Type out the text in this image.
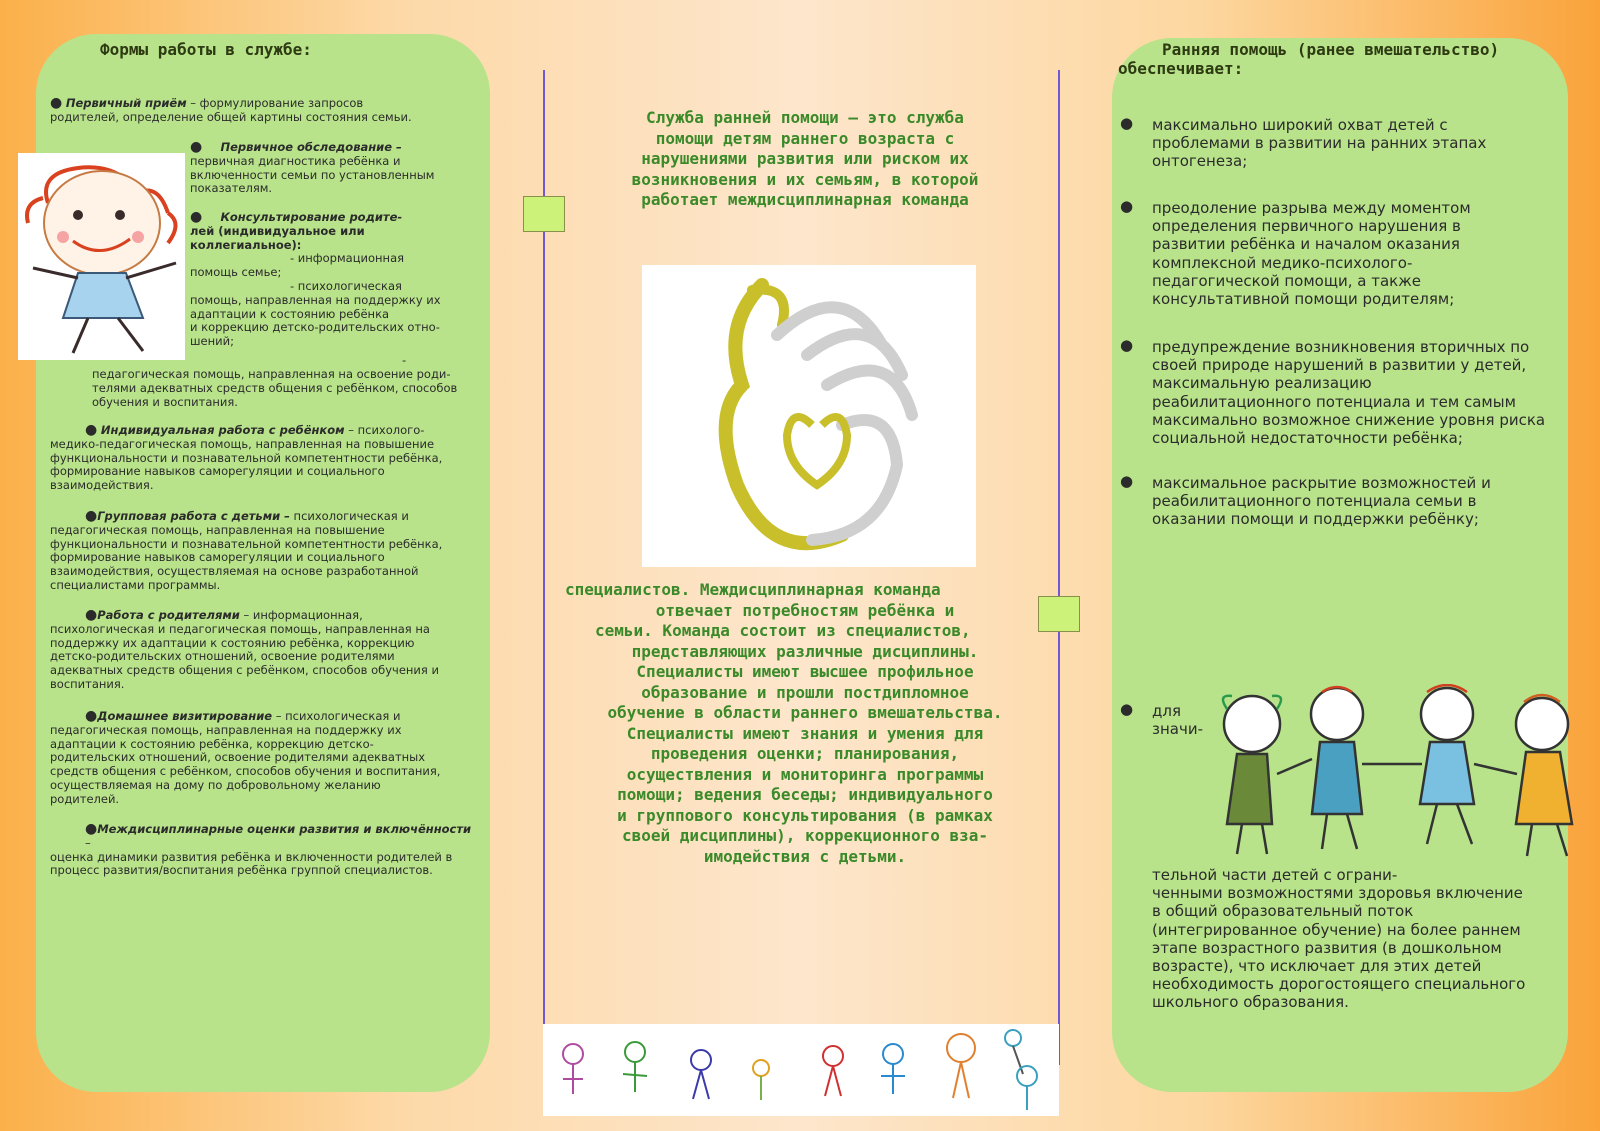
Формы работы в службе:
● Первичный приём – формулирование запросов
родителей, определение общей картины состояния семьи.
● Первичное обследование –
первичная диагностика ребёнка и
включенности семьи по установленным
показателям.
● Консультирование родите-
лей (индивидуальное или
коллегиальное):
- информационная
помощь семье;
- психологическая
помощь, направленная на поддержку их
адаптации к состоянию ребёнка
и коррекцию детско-родительских отно-
шений;
-
педагогическая помощь, направленная на освоение роди-
телями адекватных средств общения с ребёнком, способов
обучения и воспитания.
● Индивидуальная работа с ребёнком – психолого-
медико-педагогическая помощь, направленная на повышение
функциональности и познавательной компетентности ребёнка,
формирование навыков саморегуляции и социального
взаимодействия.
●Групповая работа с детьми – психологическая и
педагогическая помощь, направленная на повышение
функциональности и познавательной компетентности ребёнка,
формирование навыков саморегуляции и социального
взаимодействия, осуществляемая на основе разработанной
специалистами программы.
●Работа с родителями – информационная,
психологическая и педагогическая помощь, направленная на
поддержку их адаптации к состоянию ребёнка, коррекцию
детско-родительских отношений, освоение родителями
адекватных средств общения с ребёнком, способов обучения и
воспитания.
●Домашнее визитирование – психологическая и
педагогическая помощь, направленная на поддержку их
адаптации к состоянию ребёнка, коррекцию детско-
родительских отношений, освоение родителями адекватных
средств общения с ребёнком, способов обучения и воспитания,
осуществляемая на дому по добровольному желанию
родителей.
●Междисциплинарные оценки развития и включённости –
оценка динамики развития ребёнка и включенности родителей в
процесс развития/воспитания ребёнка группой специалистов.
Служба ранней помощи – это служба
помощи детям раннего возраста с
нарушениями развития или риском их
возникновения и их семьям, в которой
работает междисциплинарная команда
специалистов. Междисциплинарная команда
отвечает потребностям ребёнка и
семьи. Команда состоит из специалистов,
представляющих различные дисциплины.
Специалисты имеют высшее профильное
образование и прошли постдипломное
обучение в области раннего вмешательства.
Специалисты имеют знания и умения для
проведения оценки; планирования,
осуществления и мониторинга программы
помощи; ведения беседы; индивидуального
и группового консультирования (в рамках
своей дисциплины), коррекционного вза-
имодействия с детьми.
Ранняя помощь (ранее вмешательство) обеспечивает:
● максимально широкий охват детей с
проблемами в развитии на ранних этапах
онтогенеза;
● преодоление разрыва между моментом
определения первичного нарушения в
развитии ребёнка и началом оказания
комплексной медико-психолого-
педагогической помощи, а также
консультативной помощи родителям;
● предупреждение возникновения вторичных по
своей природе нарушений в развитии у детей,
максимальную реализацию
реабилитационного потенциала и тем самым
максимально возможное снижение уровня риска
социальной недостаточности ребёнка;
● максимальное раскрытие возможностей и
реабилитационного потенциала семьи в
оказании помощи и поддержки ребёнку;
● для
значи-
тельной части детей с ограни-
ченными возможностями здоровья включение
в общий образовательный поток
(интегрированное обучение) на более раннем
этапе возрастного развития (в дошкольном
возрасте), что исключает для этих детей
необходимость дорогостоящего специального
школьного образования.
